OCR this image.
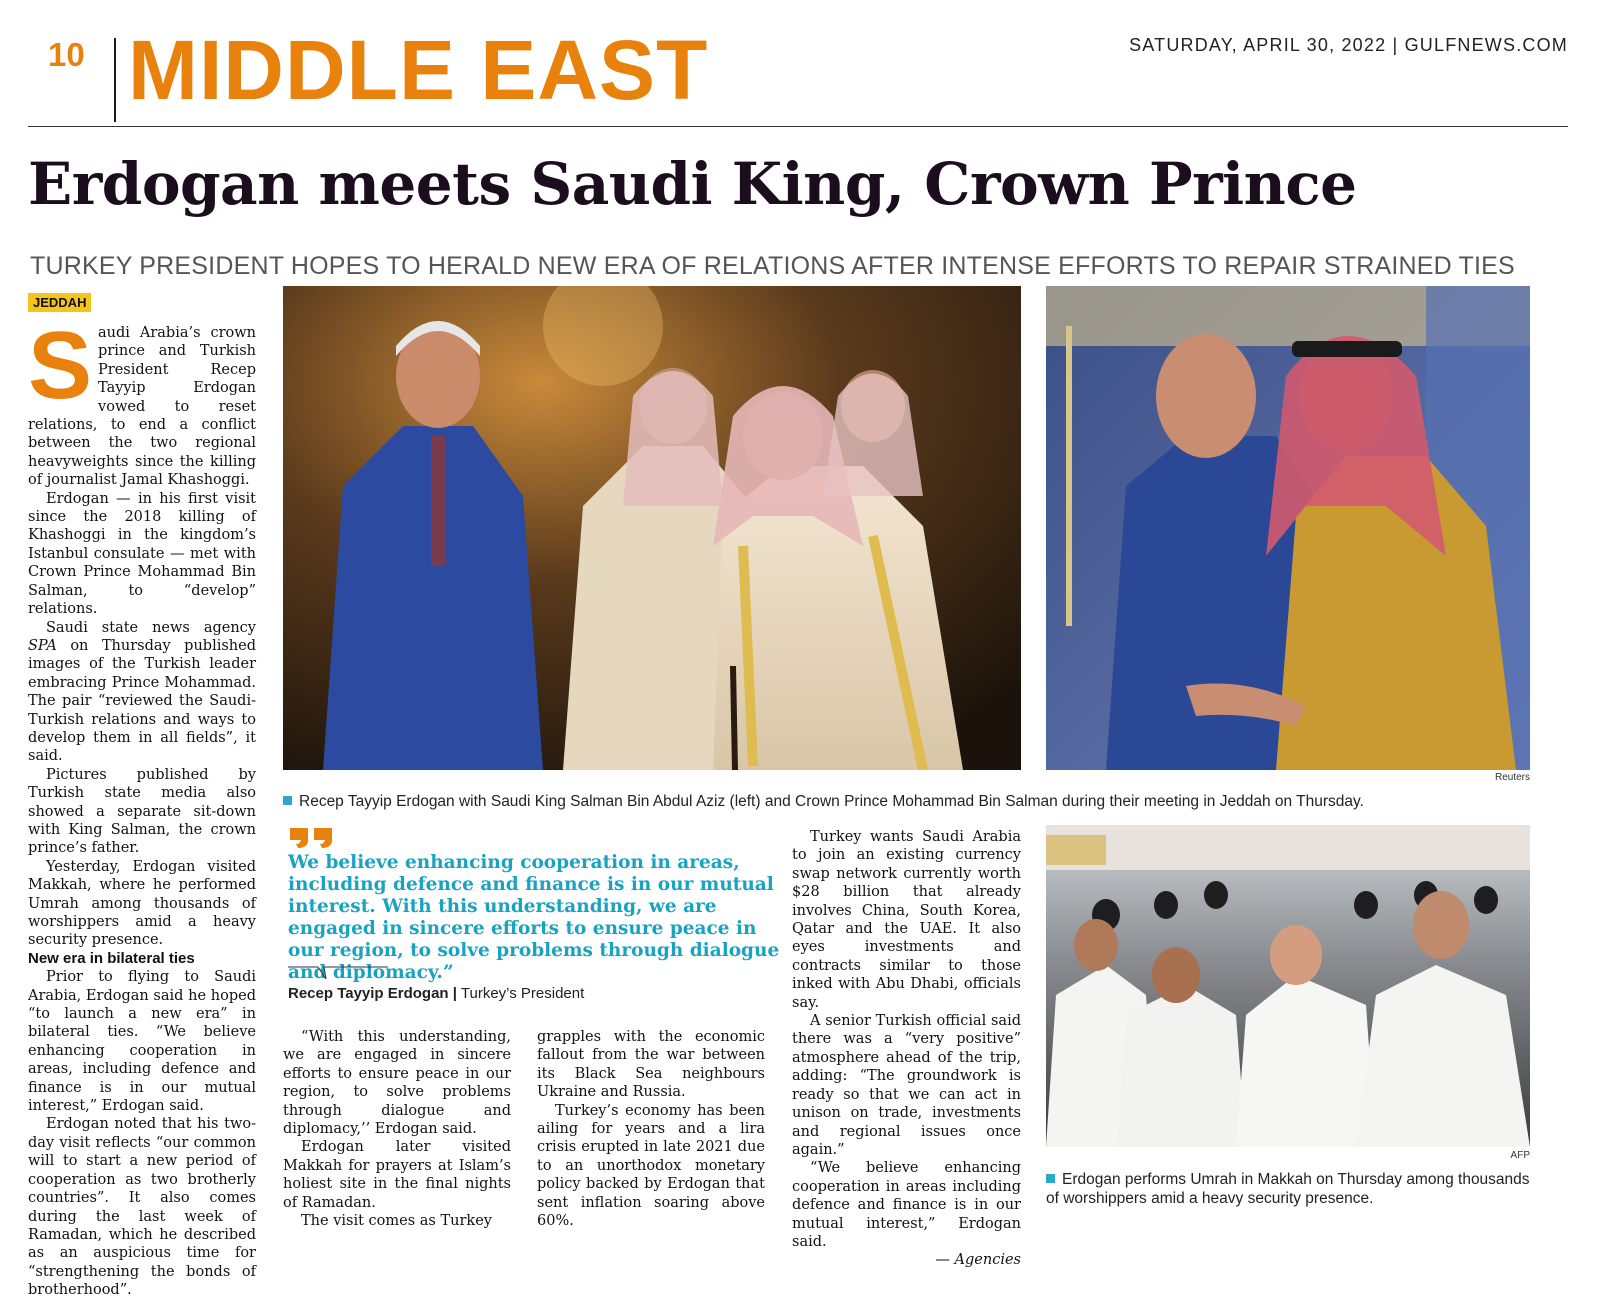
10 MIDDLE EAST	SATURDAY, APRIL 30, 2022 | GULFNEWS.COM
Erdogan meets Saudi King, Crown Prince
TURKEY PRESIDENT HOPES TO HERALD NEW ERA OF RELATIONS AFTER INTENSE EFFORTS TO REPAIR STRAINED TIES
JEDDAH

Saudi Arabia’s crown prince and Turkish President Recep Tayyip Erdogan vowed to reset relations, to end a conflict between the two regional heavyweights since the killing of journalist Jamal Khashoggi.

Erdogan — in his first visit since the 2018 killing of Khashoggi in the kingdom’s Istanbul consulate — met with Crown Prince Mohammad Bin Salman, to “develop” relations.

Saudi state news agency SPA on Thursday published images of the Turkish leader embracing Prince Mohammad. The pair “reviewed the Saudi-Turkish relations and ways to develop them in all fields”, it said.

Pictures published by Turkish state media also showed a separate sit-down with King Salman, the crown prince’s father.

Yesterday, Erdogan visited Makkah, where he performed Umrah among thousands of worshippers amid a heavy security presence.

New era in bilateral ties

Prior to flying to Saudi Arabia, Erdogan said he hoped “to launch a new era” in bilateral ties. “We believe enhancing cooperation in areas, including defence and finance is in our mutual interest,” Erdogan said.

Erdogan noted that his two-day visit reflects “our common will to start a new period of cooperation as two brotherly countries”. It also comes during the last week of Ramadan, which he described as an auspicious time for “strengthening the bonds of brotherhood”.

Reuters
Recep Tayyip Erdogan with Saudi King Salman Bin Abdul Aziz (left) and Crown Prince Mohammad Bin Salman during their meeting in Jeddah on Thursday.
We believe enhancing cooperation in areas, including defence and finance is in our mutual interest. With this understanding, we are engaged in sincere efforts to ensure peace in our region, to solve problems through dialogue and diplomacy.”
Recep Tayyip Erdogan | Turkey’s President

“With this understanding, we are engaged in sincere efforts to ensure peace in our region, to solve problems through dialogue and diplomacy,’’ Erdogan said.

Erdogan later visited Makkah for prayers at Islam’s holiest site in the final nights of Ramadan.

The visit comes as Turkey

grapples with the economic fallout from the war between its Black Sea neighbours Ukraine and Russia.

Turkey’s economy has been ailing for years and a lira crisis erupted in late 2021 due to an unorthodox monetary policy backed by Erdogan that sent inflation soaring above 60%.

Turkey wants Saudi Arabia to join an existing currency swap network currently worth $28 billion that already involves China, South Korea, Qatar and the UAE. It also eyes investments and contracts similar to those inked with Abu Dhabi, officials say.

A senior Turkish official said there was a “very positive” atmosphere ahead of the trip, adding: “The groundwork is ready so that we can act in unison on trade, investments and regional issues once again.”

“We believe enhancing cooperation in areas including defence and finance is in our mutual interest,” Erdogan said.

— Agencies

AFP
Erdogan performs Umrah in Makkah on Thursday among thousands of worshippers amid a heavy security presence.
